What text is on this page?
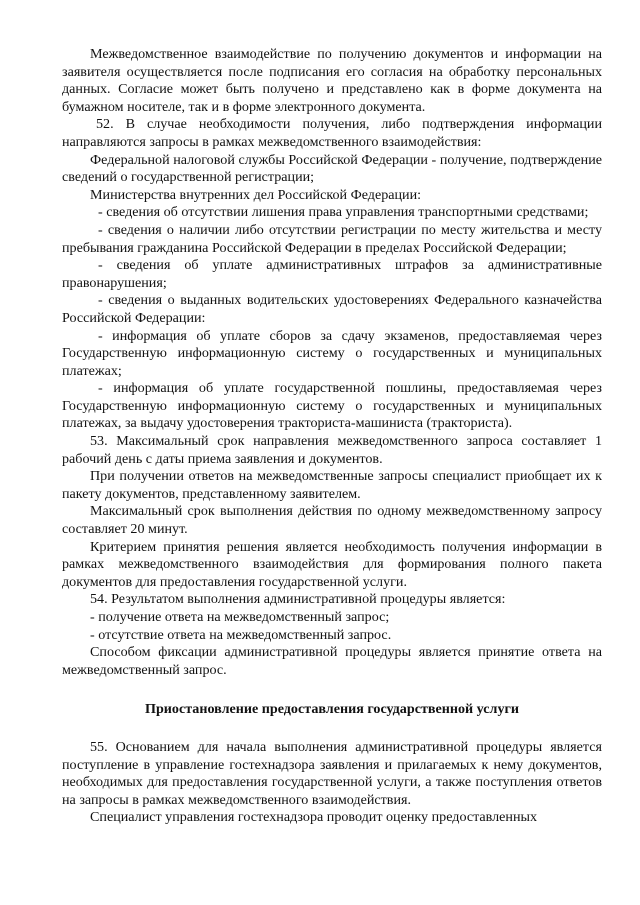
Межведомственное взаимодействие по получению документов и информации на заявителя осуществляется после подписания его согласия на обработку персональных данных. Согласие может быть получено и представлено как в форме документа на бумажном носителе, так и в форме электронного документа.

52. В случае необходимости получения, либо подтверждения информации направляются запросы в рамках межведомственного взаимодействия:

Федеральной налоговой службы Российской Федерации - получение, подтверждение сведений о государственной регистрации;

Министерства внутренних дел Российской Федерации:

- сведения об отсутствии лишения права управления транспортными средствами;

- сведения о наличии либо отсутствии регистрации по месту жительства и месту пребывания гражданина Российской Федерации в пределах Российской Федерации;

- сведения об уплате административных штрафов за административные правонарушения;

- сведения о выданных водительских удостоверениях Федерального казначейства Российской Федерации:

- информация об уплате сборов за сдачу экзаменов, предоставляемая через Государственную информационную систему о государственных и муниципальных платежах;

- информация об уплате государственной пошлины, предоставляемая через Государственную информационную систему о государственных и муниципальных платежах, за выдачу удостоверения тракториста-машиниста (тракториста).

53. Максимальный срок направления межведомственного запроса составляет 1 рабочий день с даты приема заявления и документов.

При получении ответов на межведомственные запросы специалист приобщает их к пакету документов, представленному заявителем.

Максимальный срок выполнения действия по одному межведомственному запросу составляет 20 минут.

Критерием принятия решения является необходимость получения информации в рамках межведомственного взаимодействия для формирования полного пакета документов для предоставления государственной услуги.

54. Результатом выполнения административной процедуры является:

- получение ответа на межведомственный запрос;

- отсутствие ответа на межведомственный запрос.

Способом фиксации административной процедуры является принятие ответа на межведомственный запрос.

Приостановление предоставления государственной услуги

55. Основанием для начала выполнения административной процедуры является поступление в управление гостехнадзора заявления и прилагаемых к нему документов, необходимых для предоставления государственной услуги, а также поступления ответов на запросы в рамках межведомственного взаимодействия.

Специалист управления гостехнадзора проводит оценку предоставленных
